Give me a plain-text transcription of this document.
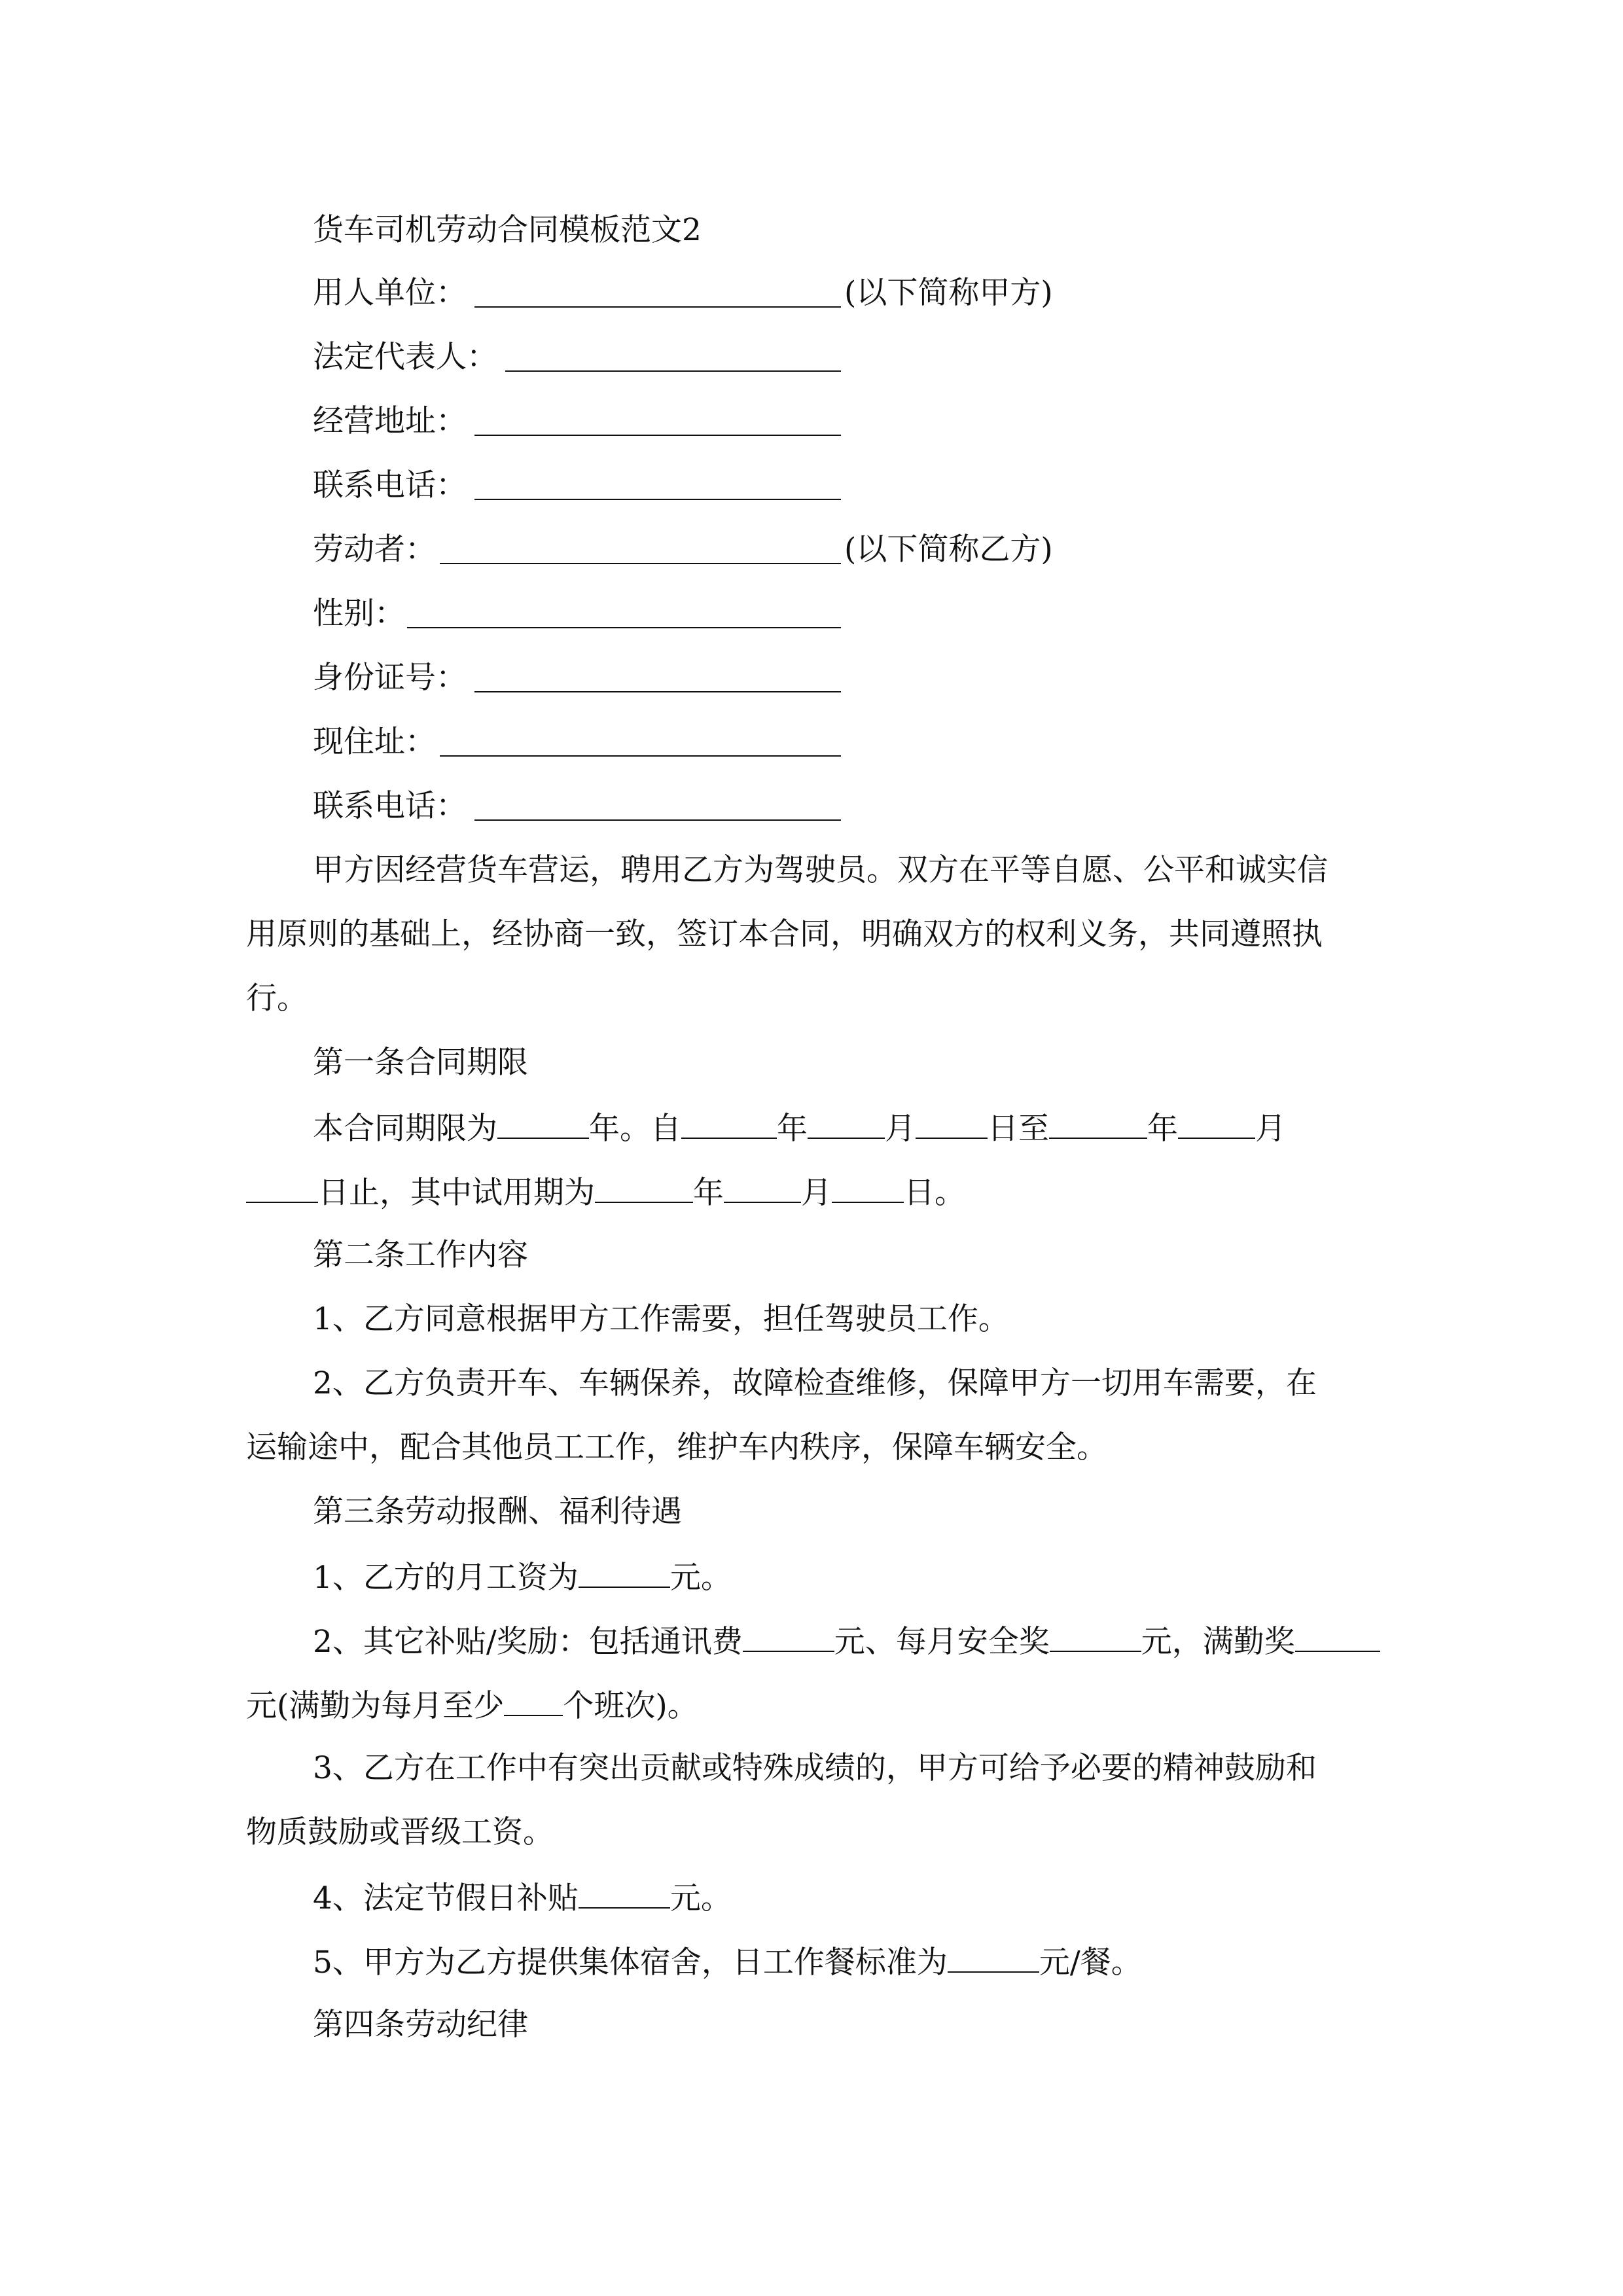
货车司机劳动合同模板范文2
用人单位：	(以下简称甲方)
法定代表人：
经营地址：
联系电话：
劳动者：	(以下简称乙方)
性别：
身份证号：
现住址：
联系电话：
甲方因经营货车营运，聘用乙方为驾驶员。双方在平等自愿、公平和诚实信
用原则的基础上，经协商一致，签订本合同，明确双方的权利义务，共同遵照执
行。
第一条合同期限
本合同期限为	年。自	年	月 日至	年	月
日止，其中试用期为	年	月 日。
第二条工作内容
1、乙方同意根据甲方工作需要，担任驾驶员工作。
2、乙方负责开车、车辆保养，故障检查维修，保障甲方一切用车需要，在
运输途中，配合其他员工工作，维护车内秩序，保障车辆安全。
第三条劳动报酬、福利待遇
1、乙方的月工资为	元。
2、其它补贴/奖励：包括通讯费	元、每月安全奖	元，满勤奖
元(满勤为每月至少 个班次)。
3、乙方在工作中有突出贡献或特殊成绩的，甲方可给予必要的精神鼓励和
物质鼓励或晋级工资。
4、法定节假日补贴	元。
5、甲方为乙方提供集体宿舍，日工作餐标准为	元/餐。
第四条劳动纪律
